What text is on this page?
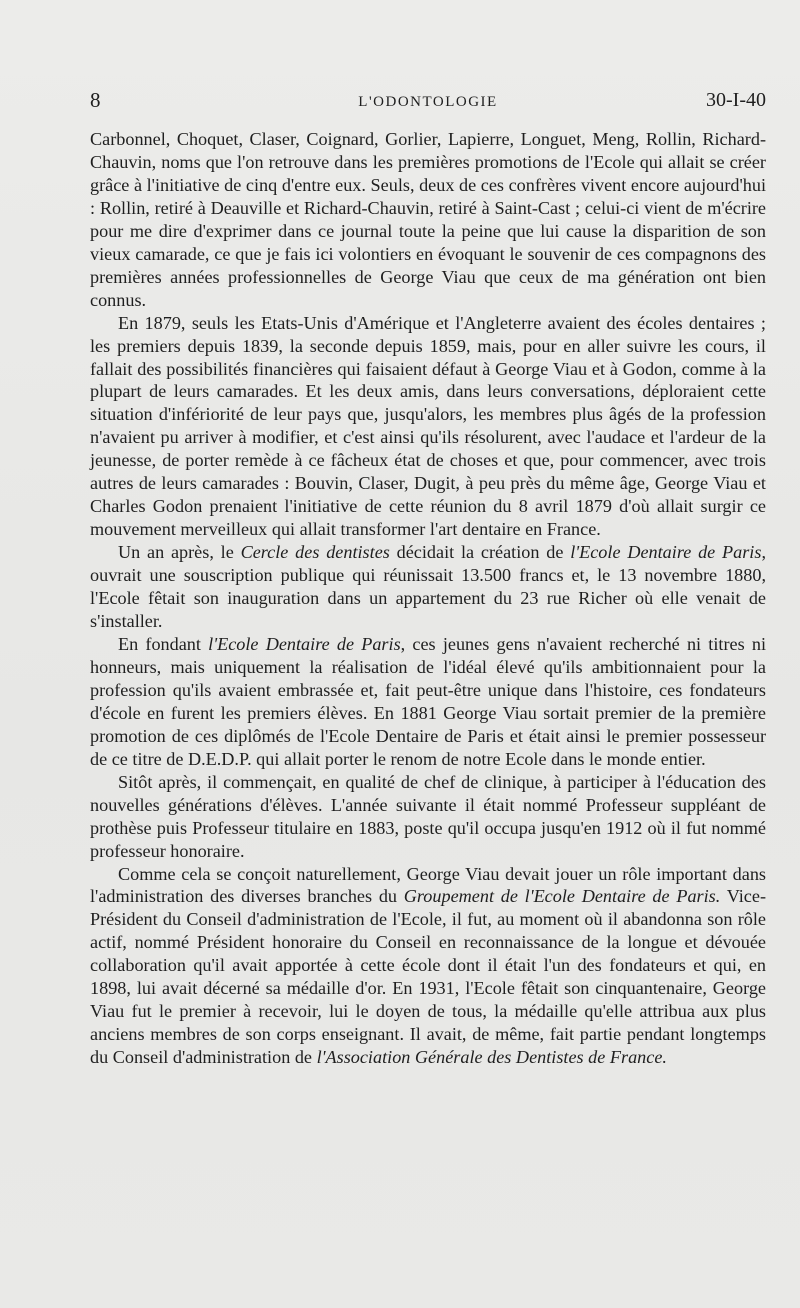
8	L'ODONTOLOGIE	30-I-40

Carbonnel, Choquet, Claser, Coignard, Gorlier, Lapierre, Longuet, Meng, Rollin, Richard-Chauvin, noms que l'on retrouve dans les premières promotions de l'Ecole qui allait se créer grâce à l'initiative de cinq d'entre eux. Seuls, deux de ces confrères vivent encore aujourd'hui : Rollin, retiré à Deauville et Richard-Chauvin, retiré à Saint-Cast ; celui-ci vient de m'écrire pour me dire d'exprimer dans ce journal toute la peine que lui cause la disparition de son vieux camarade, ce que je fais ici volontiers en évoquant le souvenir de ces compagnons des premières années professionnelles de George Viau que ceux de ma génération ont bien connus.

En 1879, seuls les Etats-Unis d'Amérique et l'Angleterre avaient des écoles dentaires ; les premiers depuis 1839, la seconde depuis 1859, mais, pour en aller suivre les cours, il fallait des possibilités financières qui faisaient défaut à George Viau et à Godon, comme à la plupart de leurs camarades. Et les deux amis, dans leurs conversations, déploraient cette situation d'infériorité de leur pays que, jusqu'alors, les membres plus âgés de la profession n'avaient pu arriver à modifier, et c'est ainsi qu'ils résolurent, avec l'audace et l'ardeur de la jeunesse, de porter remède à ce fâcheux état de choses et que, pour commencer, avec trois autres de leurs camarades : Bouvin, Claser, Dugit, à peu près du même âge, George Viau et Charles Godon prenaient l'initiative de cette réunion du 8 avril 1879 d'où allait surgir ce mouvement merveilleux qui allait transformer l'art dentaire en France.

Un an après, le Cercle des dentistes décidait la création de l'Ecole Dentaire de Paris, ouvrait une souscription publique qui réunissait 13.500 francs et, le 13 novembre 1880, l'Ecole fêtait son inauguration dans un appartement du 23 rue Richer où elle venait de s'installer.

En fondant l'Ecole Dentaire de Paris, ces jeunes gens n'avaient recherché ni titres ni honneurs, mais uniquement la réalisation de l'idéal élevé qu'ils ambitionnaient pour la profession qu'ils avaient embrassée et, fait peut-être unique dans l'histoire, ces fondateurs d'école en furent les premiers élèves. En 1881 George Viau sortait premier de la première promotion de ces diplômés de l'Ecole Dentaire de Paris et était ainsi le premier possesseur de ce titre de D.E.D.P. qui allait porter le renom de notre Ecole dans le monde entier.

Sitôt après, il commençait, en qualité de chef de clinique, à participer à l'éducation des nouvelles générations d'élèves. L'année suivante il était nommé Professeur suppléant de prothèse puis Professeur titulaire en 1883, poste qu'il occupa jusqu'en 1912 où il fut nommé professeur honoraire.

Comme cela se conçoit naturellement, George Viau devait jouer un rôle important dans l'administration des diverses branches du Groupement de l'Ecole Dentaire de Paris. Vice-Président du Conseil d'administration de l'Ecole, il fut, au moment où il abandonna son rôle actif, nommé Président honoraire du Conseil en reconnaissance de la longue et dévouée collaboration qu'il avait apportée à cette école dont il était l'un des fondateurs et qui, en 1898, lui avait décerné sa médaille d'or. En 1931, l'Ecole fêtait son cinquantenaire, George Viau fut le premier à recevoir, lui le doyen de tous, la médaille qu'elle attribua aux plus anciens membres de son corps enseignant. Il avait, de même, fait partie pendant longtemps du Conseil d'administration de l'Association Générale des Dentistes de France.
